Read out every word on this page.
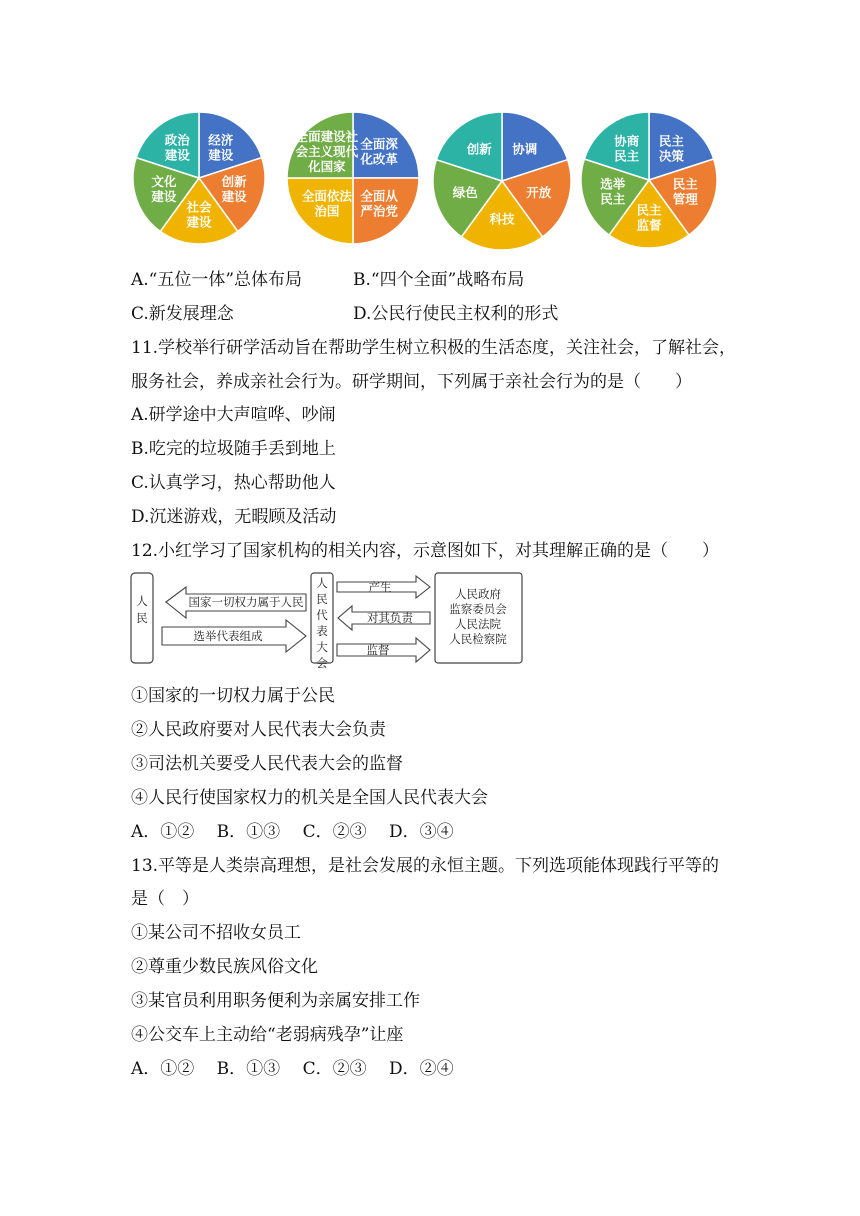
经济
建设
创新
建设
社会
建设
文化
建设
政治
建设
全面深
化改革
全面从
严治党
全面依法
治国
全面建设社
会主义现代
化国家
协调
开放
科技
绿色
创新
民主
决策
民主
管理
民主
监督
选举
民主
协商
民主
A.“五位一体”总体布局	B.“四个全面”战略布局
C.新发展理念	D.公民行使民主权利的形式
11.学校举行研学活动旨在帮助学生树立积极的生活态度，关注社会，了解社会，
服务社会，养成亲社会行为。研学期间，下列属于亲社会行为的是（　　）
A.研学途中大声喧哗、吵闹
B.吃完的垃圾随手丢到地上
C.认真学习，热心帮助他人
D.沉迷游戏，无暇顾及活动
12.小红学习了国家机构的相关内容，示意图如下，对其理解正确的是（　　）
人
民
国家一切权力属于人民
选举代表组成
人
民
代
表
大
会
产生
对其负责
监督
人民政府
监察委员会
人民法院
人民检察院
①国家的一切权力属于公民
②人民政府要对人民代表大会负责
③司法机关要受人民代表大会的监督
④人民行使国家权力的机关是全国人民代表大会
A．①②　 B．①③　 C．②③　 D．③④
13.平等是人类崇高理想，是社会发展的永恒主题。下列选项能体现践行平等的
是（　）
①某公司不招收女员工
②尊重少数民族风俗文化
③某官员利用职务便利为亲属安排工作
④公交车上主动给“老弱病残孕”让座
A．①②　 B．①③　 C．②③　 D．②④
